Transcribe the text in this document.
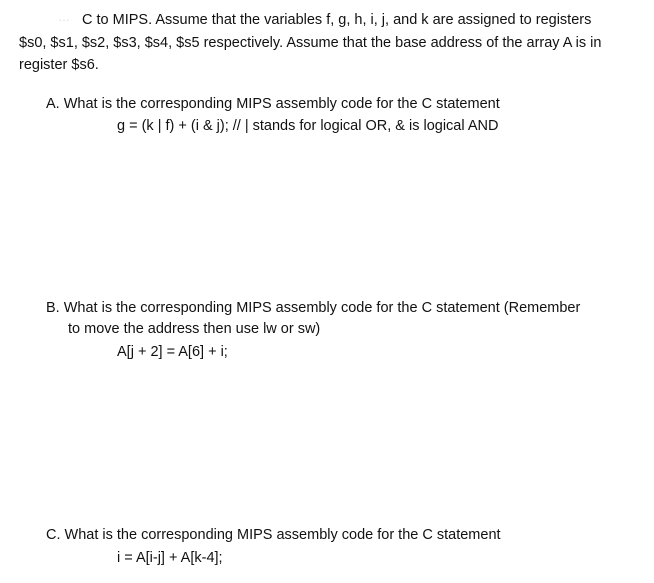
… C to MIPS. Assume that the variables f, g, h, i, j, and k are assigned to registers
$s0, $s1, $s2, $s3, $s4, $s5 respectively. Assume that the base address of the array A is in
register $s6.
A. What is the corresponding MIPS assembly code for the C statement
g = (k | f) + (i & j); // | stands for logical OR, & is logical AND
B. What is the corresponding MIPS assembly code for the C statement (Remember
to move the address then use lw or sw)
A[j + 2] = A[6] + i;
C. What is the corresponding MIPS assembly code for the C statement
i = A[i-j] + A[k-4];
